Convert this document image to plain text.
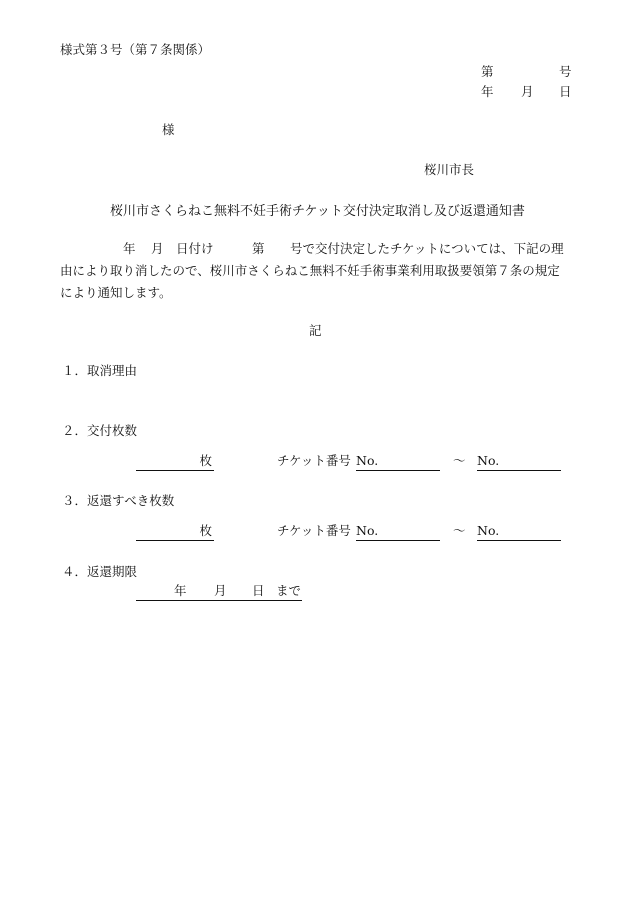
様式第３号（第７条関係）
第	号
年 月 日
様
桜川市長
桜川市さくらねこ無料不妊手術チケット交付決定取消し及び返還通知書
年 月 日付け	第 号で交付決定したチケットについては、下記の理
由により取り消したので、桜川市さくらねこ無料不妊手術事業利用取扱要領第７条の規定
により通知します。
記
１．取消理由
２．交付枚数
枚	チケット番号 No.	～ No.
３．返還すべき枚数
枚	チケット番号 No.	～ No.
４．返還期限
年 月 日 まで
